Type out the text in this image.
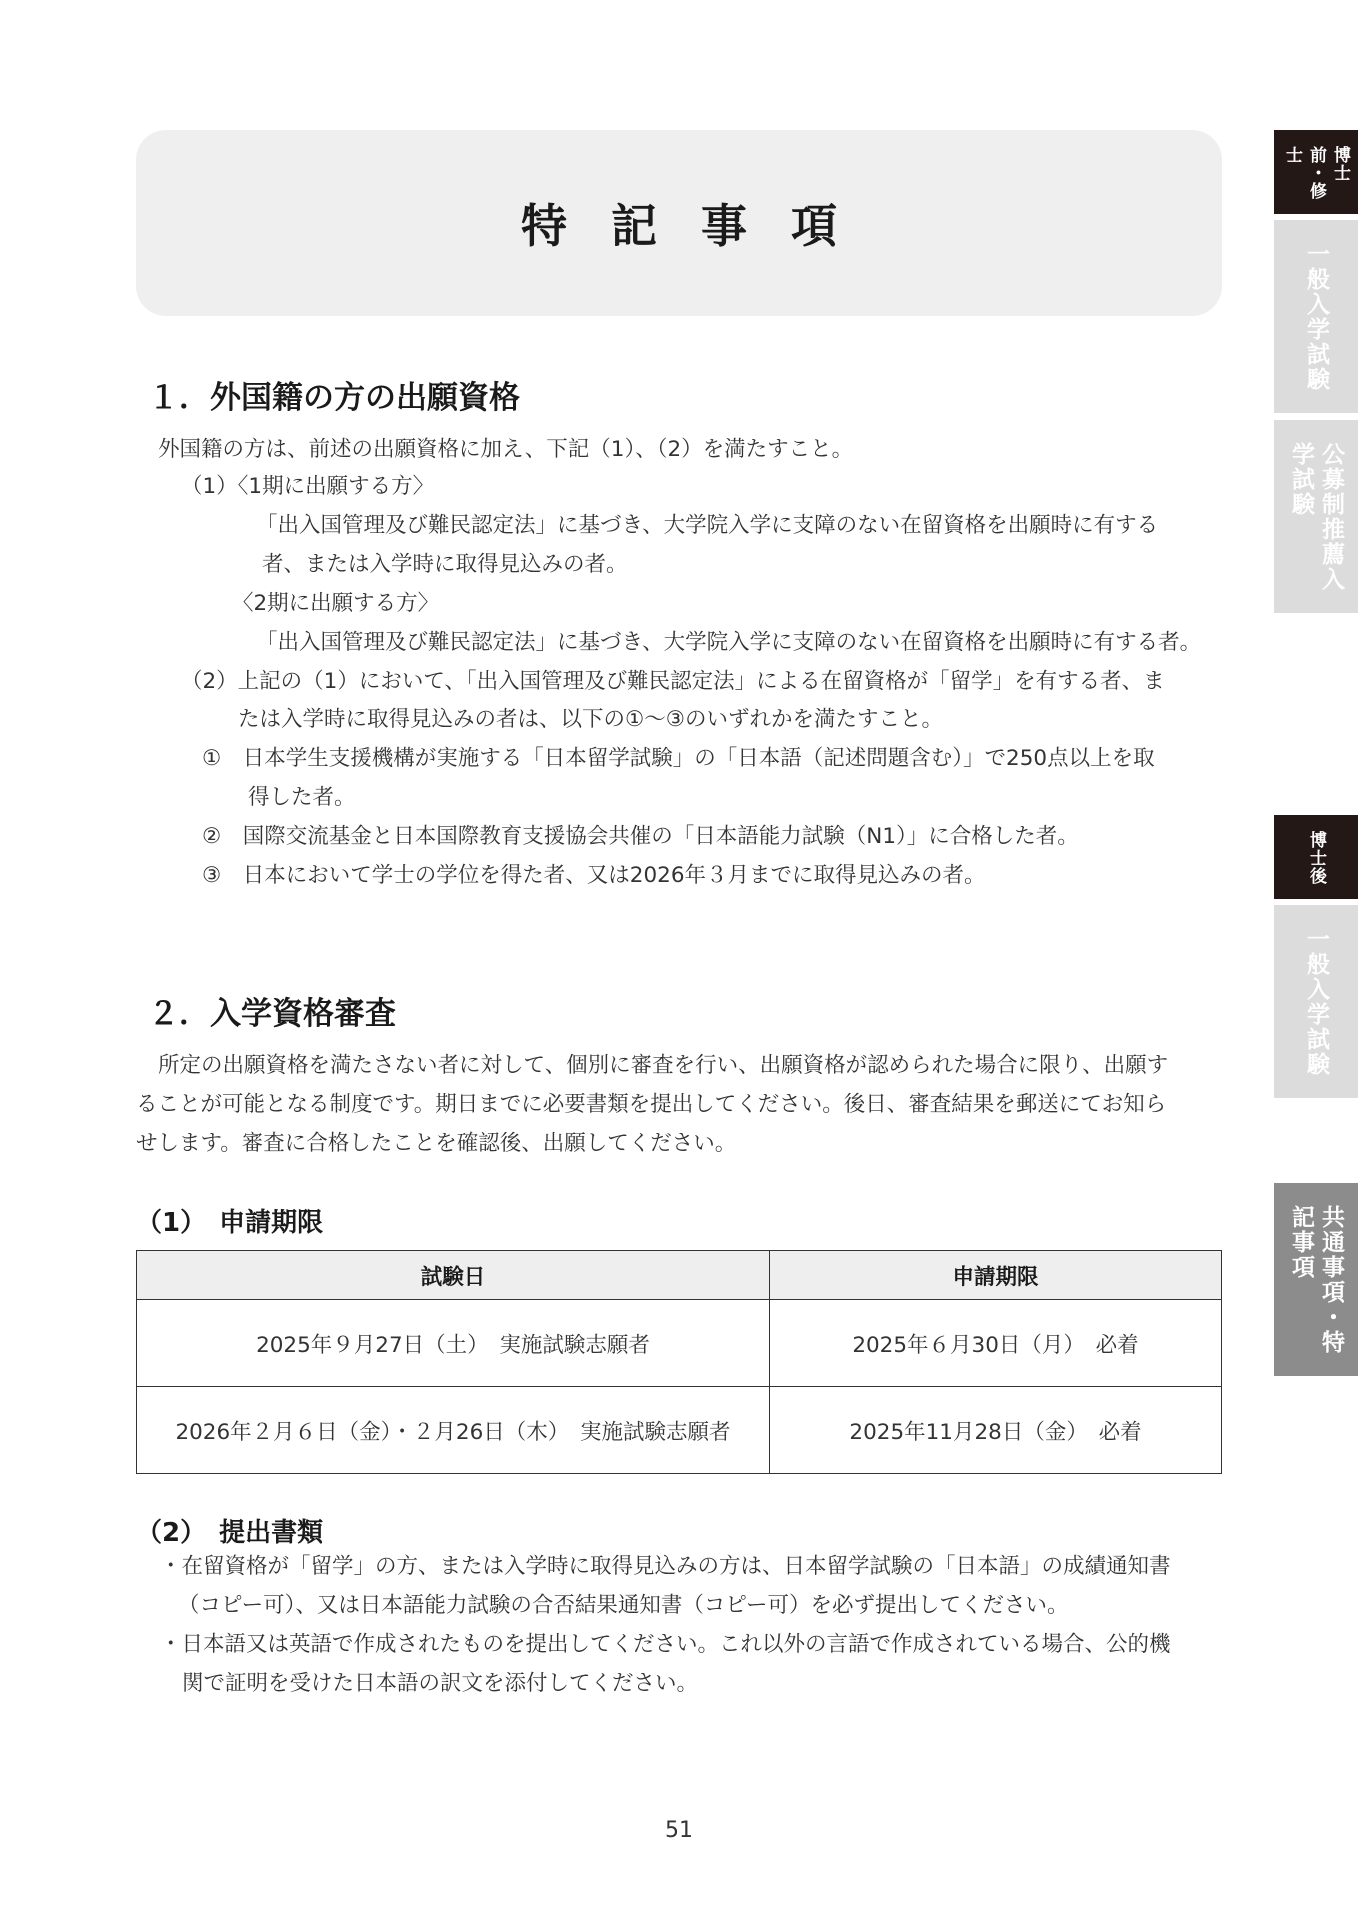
特記事項
１．外国籍の方の出願資格

外国籍の方は、前述の出願資格に加え、下記（1）、（2）を満たすこと。

（1）〈1期に出願する方〉

「出入国管理及び難民認定法」に基づき、大学院入学に支障のない在留資格を出願時に有する

者、または入学時に取得見込みの者。

〈2期に出願する方〉

「出入国管理及び難民認定法」に基づき、大学院入学に支障のない在留資格を出願時に有する者。

（2）上記の（1）において、「出入国管理及び難民認定法」による在留資格が「留学」を有する者、ま

たは入学時に取得見込みの者は、以下の①～③のいずれかを満たすこと。

①　日本学生支援機構が実施する「日本留学試験」の「日本語（記述問題含む）」で250点以上を取

得した者。

②　国際交流基金と日本国際教育支援協会共催の「日本語能力試験（N1）」に合格した者。

③　日本において学士の学位を得た者、又は2026年３月までに取得見込みの者。

２．入学資格審査

所定の出願資格を満たさない者に対して、個別に審査を行い、出願資格が認められた場合に限り、出願す

ることが可能となる制度です。期日までに必要書類を提出してください。後日、審査結果を郵送にてお知ら

せします。審査に合格したことを確認後、出願してください。

（1）　申請期限
試験日	申請期限
2025年９月27日（土）　実施試験志願者	2025年６月30日（月）　必着
2026年２月６日（金）・２月26日（木）　実施試験志願者	2025年11月28日（金）　必着
（2）　提出書類

・在留資格が「留学」の方、または入学時に取得見込みの方は、日本留学試験の「日本語」の成績通知書

（コピー可）、又は日本語能力試験の合否結果通知書（コピー可）を必ず提出してください。

・日本語又は英語で作成されたものを提出してください。これ以外の言語で作成されている場合、公的機

関で証明を受けた日本語の訳文を添付してください。

51
博士前・修士
一般入学試験
公募制推薦入学試験
博士後
一般入学試験
共通事項・特記事項
